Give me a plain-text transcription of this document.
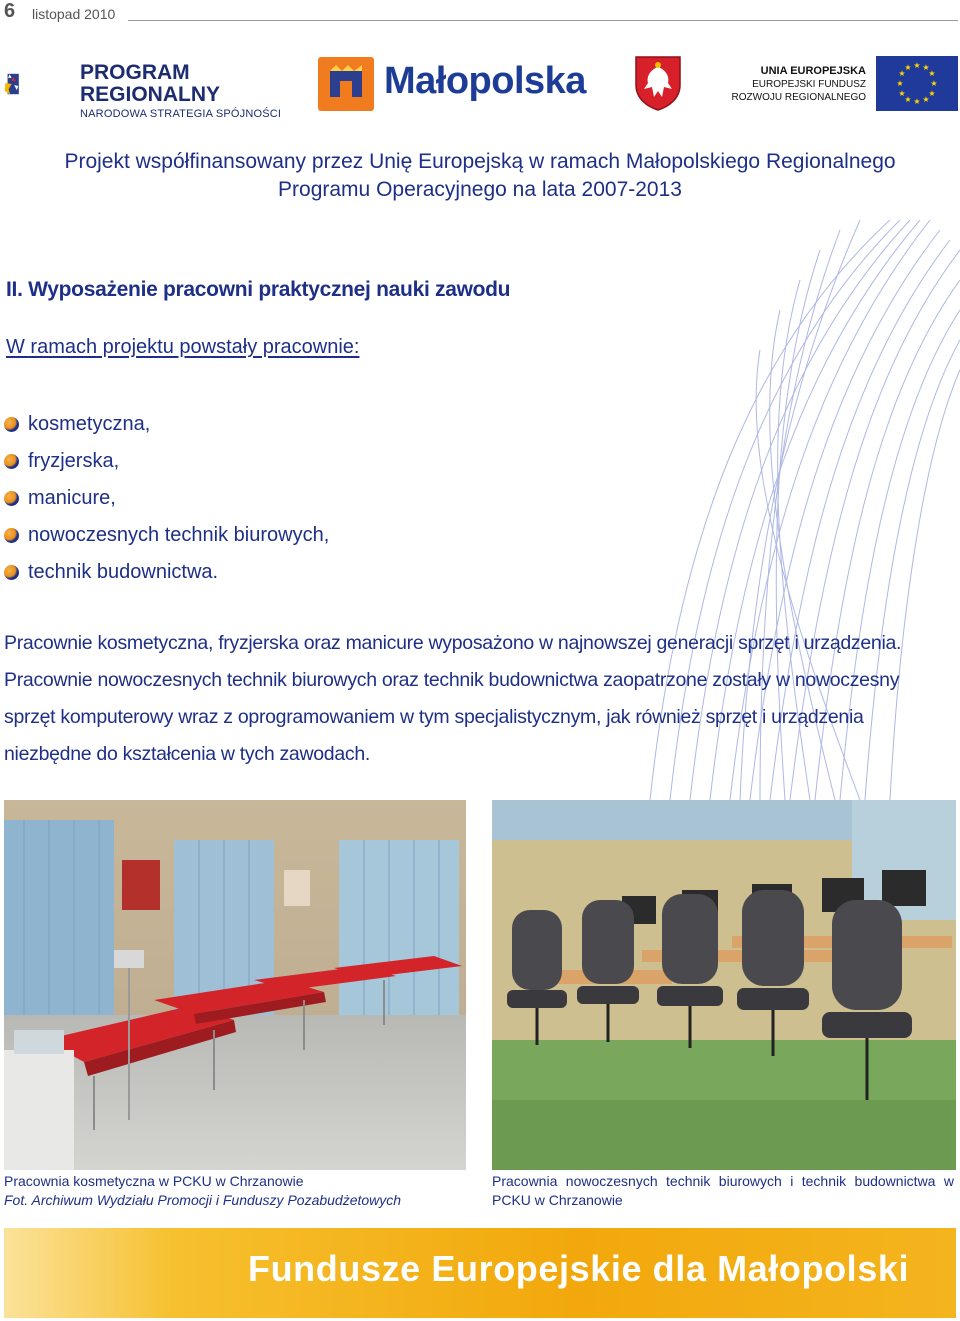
6 listopad 2010
PROGRAM
REGIONALNY
NARODOWA STRATEGIA SPÓJNOŚCI
Małopolska	UNIA EUROPEJSKA
EUROPEJSKI FUNDUSZ
ROZWOJU REGIONALNEGO
★ ★
★
★
★
★
★
★
★
★
★
★
Projekt współfinansowany przez Unię Europejską w ramach Małopolskiego Regionalnego
Programu Operacyjnego na lata 2007-2013
II. Wyposażenie pracowni praktycznej nauki zawodu
W ramach projektu powstały pracownie:
kosmetyczna,
fryzjerska,
manicure,
nowoczesnych technik biurowych,
technik budownictwa.

Pracownie kosmetyczna, fryzjerska oraz manicure wyposażono w najnowszej generacji sprzęt i urządzenia. Pracownie nowoczesnych technik biurowych oraz technik budownictwa zaopatrzone zostały w nowoczesny sprzęt komputerowy wraz z oprogramowaniem w tym specjalistycznym, jak również sprzęt i urządzenia niezbędne do kształcenia w tych zawodach.

Pracownia kosmetyczna w PCKU w Chrzanowie
Fot. Archiwum Wydziału Promocji i Funduszy Pozabudżetowych
Pracownia nowoczesnych technik biurowych i technik budownictwa w PCKU w Chrzanowie
Fundusze Europejskie dla Małopolski
